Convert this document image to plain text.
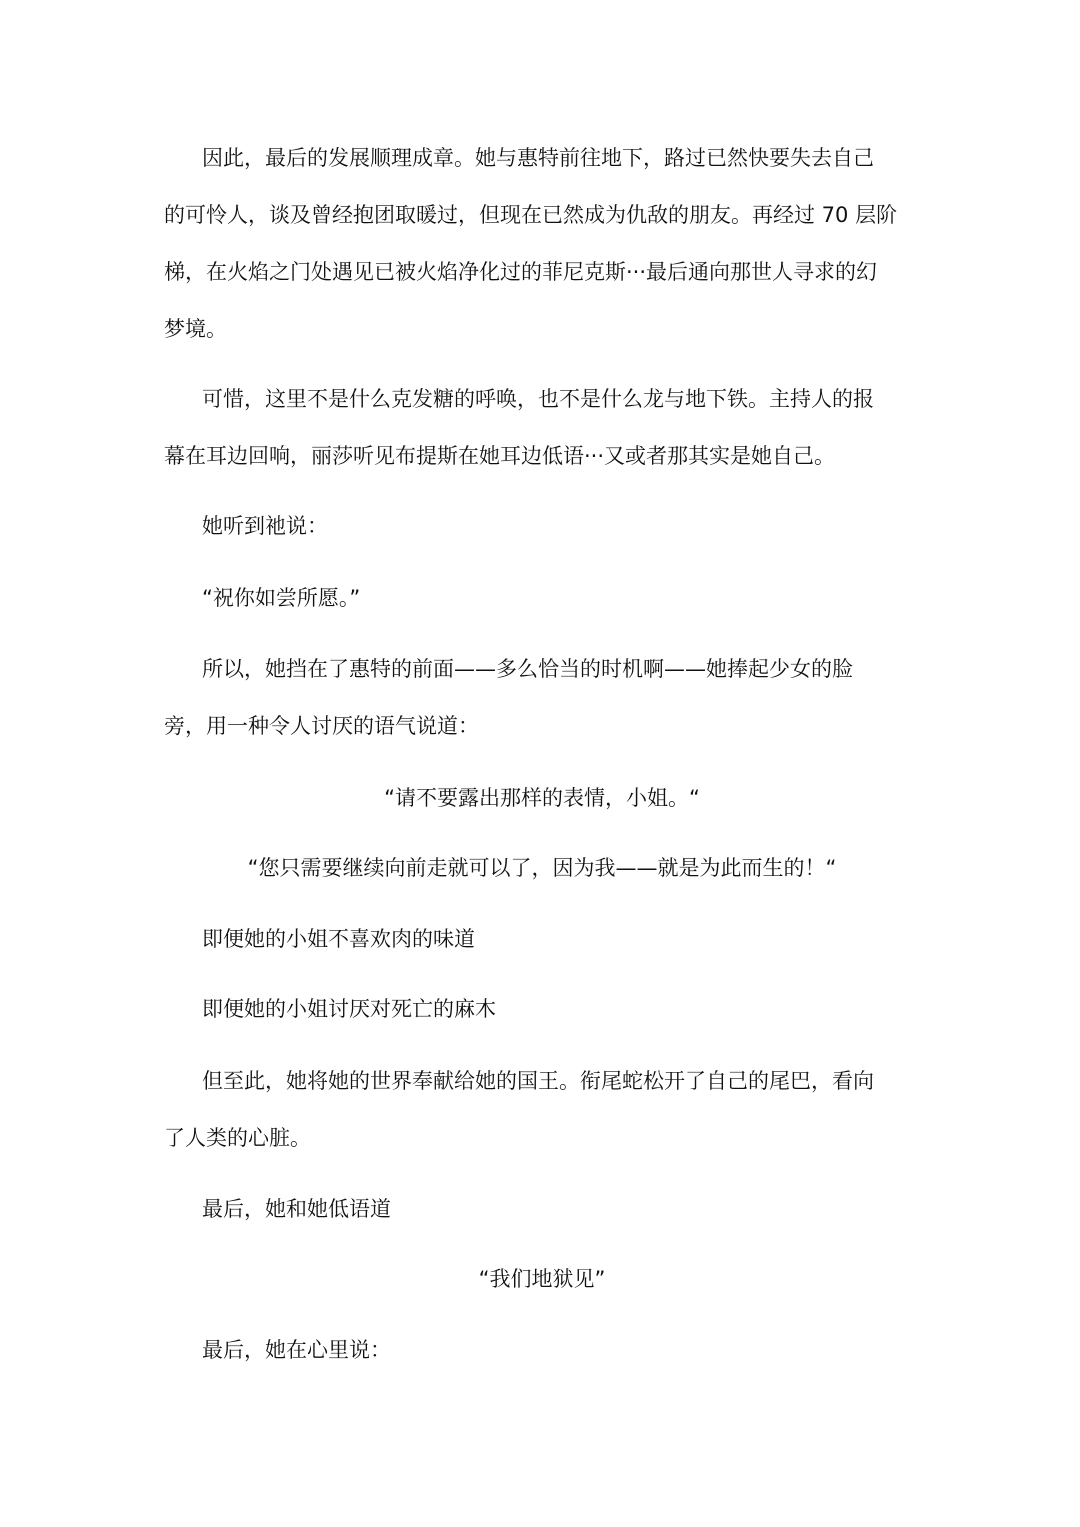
因此，最后的发展顺理成章。她与惠特前往地下，路过已然快要失去自己
的可怜人，谈及曾经抱团取暖过，但现在已然成为仇敌的朋友。再经过 70 层阶
梯，在火焰之门处遇见已被火焰净化过的菲尼克斯···最后通向那世人寻求的幻
梦境。
可惜，这里不是什么克发糖的呼唤，也不是什么龙与地下铁。主持人的报
幕在耳边回响，丽莎听见布提斯在她耳边低语···又或者那其实是她自己。
她听到祂说：
“祝你如尝所愿。”
所以，她挡在了惠特的前面——多么恰当的时机啊——她捧起少女的脸
旁，用一种令人讨厌的语气说道：
“请不要露出那样的表情，小姐。“
“您只需要继续向前走就可以了，因为我——就是为此而生的！“
即便她的小姐不喜欢肉的味道
即便她的小姐讨厌对死亡的麻木
但至此，她将她的世界奉献给她的国王。衔尾蛇松开了自己的尾巴，看向
了人类的心脏。
最后，她和她低语道
“我们地狱见”
最后，她在心里说：
